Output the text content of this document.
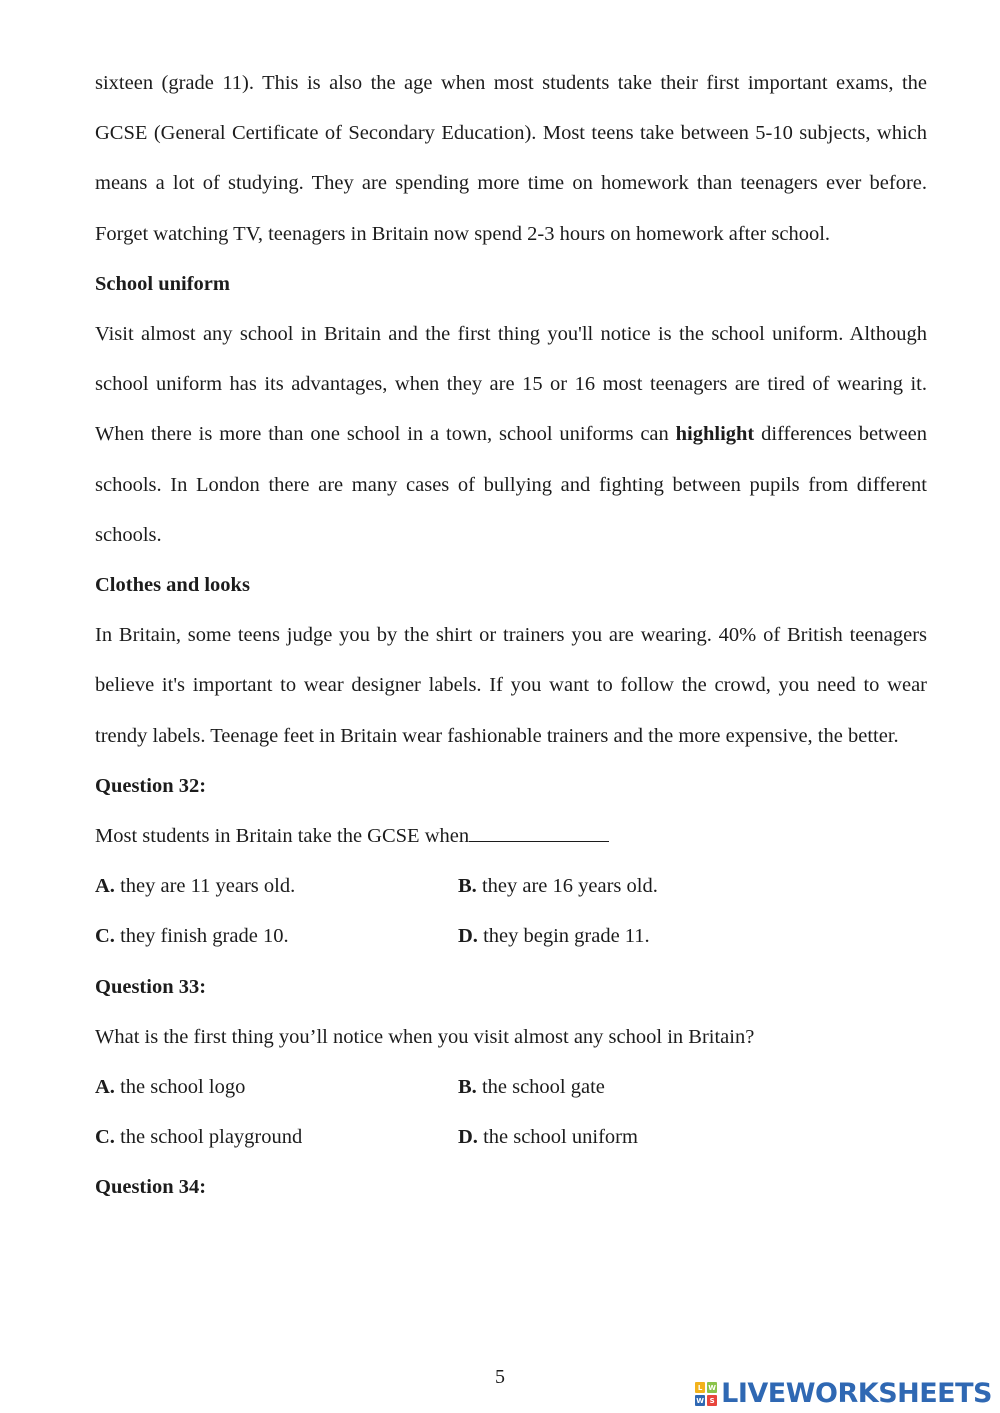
sixteen (grade 11). This is also the age when most students take their first important exams, the GCSE (General Certificate of Secondary Education). Most teens take between 5-10 subjects, which means a lot of studying. They are spending more time on homework than teenagers ever before. Forget watching TV, teenagers in Britain now spend 2-3 hours on homework after school.

School uniform

Visit almost any school in Britain and the first thing you'll notice is the school uniform. Although school uniform has its advantages, when they are 15 or 16 most teenagers are tired of wearing it. When there is more than one school in a town, school uniforms can highlight differences between schools. In London there are many cases of bullying and fighting between pupils from different schools.

Clothes and looks

In Britain, some teens judge you by the shirt or trainers you are wearing. 40% of British teenagers believe it's important to wear designer labels. If you want to follow the crowd, you need to wear trendy labels. Teenage feet in Britain wear fashionable trainers and the more expensive, the better.

Question 32:

Most students in Britain take the GCSE when

A. they are 11 years old.	B. they are 16 years old.

C. they finish grade 10.	D. they begin grade 11.

Question 33:

What is the first thing you’ll notice when you visit almost any school in Britain?

A. the school logo	B. the school gate

C. the school playground	D. the school uniform

Question 34:

5	L W
W S LIVEWORKSHEETS
